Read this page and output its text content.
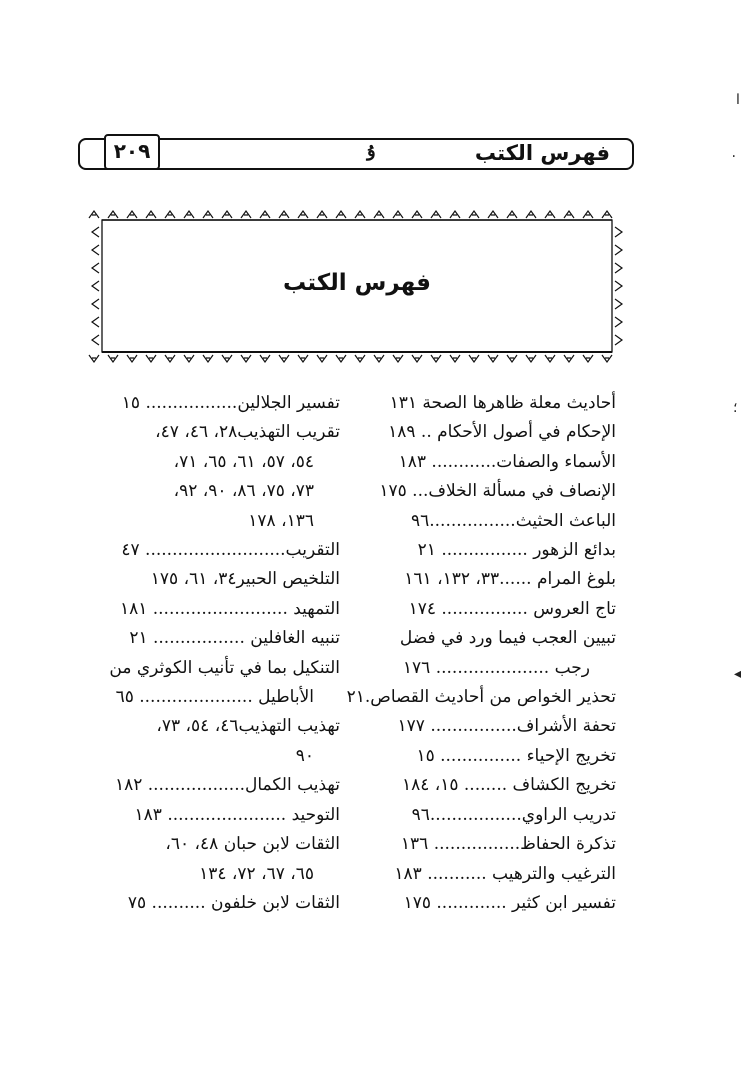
فهرس الكتب
ۇ
٢٠٩
فهرس الكتب
أحاديث معلة ظاهرها الصحة ١٣١
الإحكام في أصول الأحكام .. ١٨٩
الأسماء والصفات............ ١٨٣
الإنصاف في مسألة الخلاف... ١٧٥
الباعث الحثيث................٩٦
بدائع الزهور ................ ٢١
بلوغ المرام ......٣٣، ١٣٢، ١٦١
تاج العروس ................ ١٧٤
تبيين العجب فيما ورد في فضل
رجب ..................... ١٧٦
تحذير الخواص من أحاديث القصاص.٢١
تحفة الأشراف................ ١٧٧
تخريج الإحياء ............... ١٥
تخريج الكشاف ........ ١٥، ١٨٤
تدريب الراوي.................٩٦
تذكرة الحفاظ................ ١٣٦
الترغيب والترهيب ........... ١٨٣
تفسير ابن كثير ............. ١٧٥
تفسير الجلالين................. ١٥
تقريب التهذيب٢٨، ٤٦، ٤٧،
٥٤، ٥٧، ٦١، ٦٥، ٧١،
٧٣، ٧٥، ٨٦، ٩٠، ٩٢،
١٣٦، ١٧٨
التقريب.......................... ٤٧
التلخيص الحبير٣٤، ٦١، ١٧٥
التمهيد ......................... ١٨١
تنبيه الغافلين ................. ٢١
التنكيل بما في تأنيب الكوثري من
الأباطيل ..................... ٦٥
تهذيب التهذيب٤٦، ٥٤، ٧٣،
٩٠
تهذيب الكمال.................. ١٨٢
التوحيد ...................... ١٨٣
الثقات لابن حبان ٤٨، ٦٠،
٦٥، ٦٧، ٧٢، ١٣٤
الثقات لابن خلفون .......... ٧٥
ا
٠
؛
◂
